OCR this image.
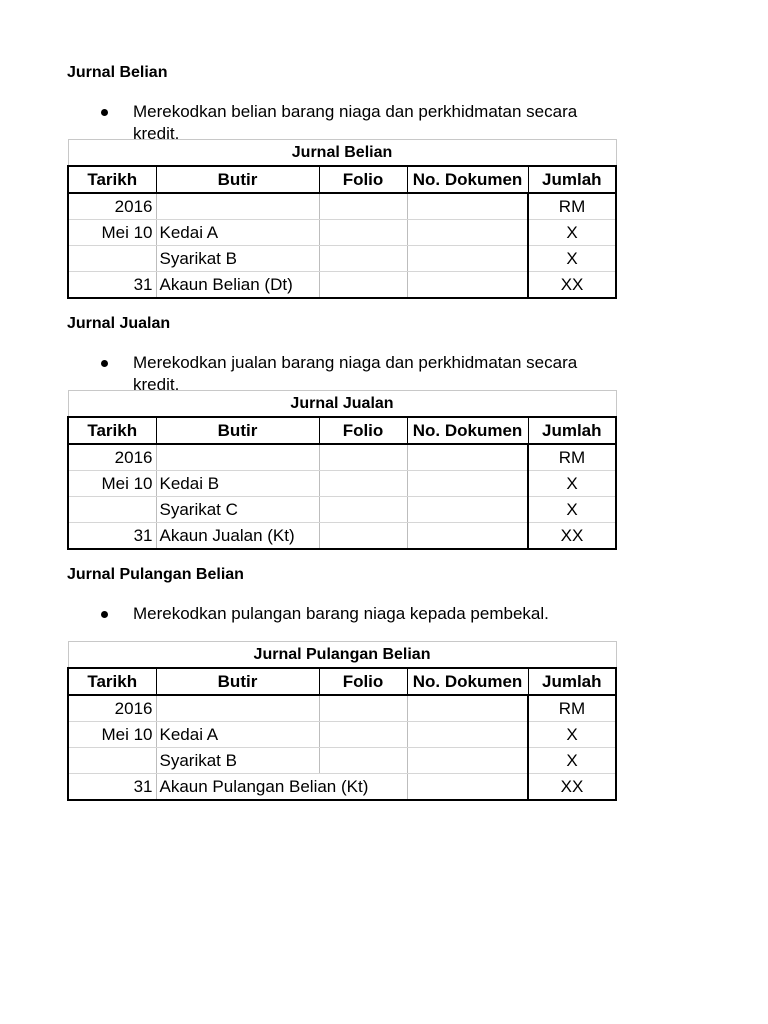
Jurnal Belian
Merekodkan belian barang niaga dan perkhidmatan secara kredit.
Jurnal Belian				
Tarikh	Butir	Folio	No. Dokumen	Jumlah
2016				RM
Mei 10	Kedai A			X
	Syarikat B			X
31	Akaun Belian (Dt)			XX
Jurnal Jualan
Merekodkan jualan barang niaga dan perkhidmatan secara kredit.
Jurnal Jualan				
Tarikh	Butir	Folio	No. Dokumen	Jumlah
2016				RM
Mei 10	Kedai B			X
	Syarikat C			X
31	Akaun Jualan (Kt)			XX
Jurnal Pulangan Belian
Merekodkan pulangan barang niaga kepada pembekal.
Jurnal Pulangan Belian				
Tarikh	Butir	Folio	No. Dokumen	Jumlah
2016				RM
Mei 10	Kedai A			X
	Syarikat B			X
31	Akaun Pulangan Belian (Kt)			XX
